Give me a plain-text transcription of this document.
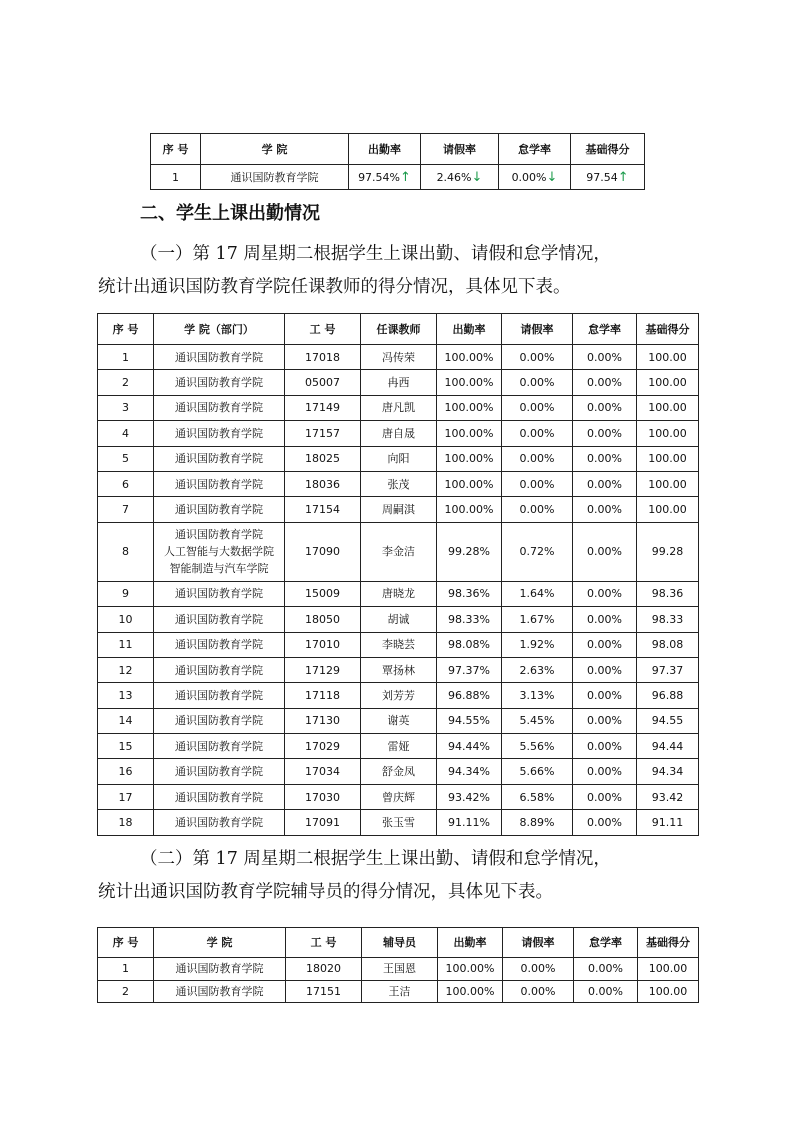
序 号	学 院	出勤率	请假率	怠学率	基础得分
1	通识国防教育学院	97.54%↑	2.46%↓	0.00%↓	97.54↑
二、学生上课出勤情况

（一）第 17 周星期二根据学生上课出勤、请假和怠学情况，
统计出通识国防教育学院任课教师的得分情况，具体见下表。

序 号	学 院（部门）	工 号	任课教师	出勤率	请假率	怠学率	基础得分
1	通识国防教育学院	17018	冯传荣	100.00%	0.00%	0.00%	100.00
2	通识国防教育学院	05007	冉西	100.00%	0.00%	0.00%	100.00
3	通识国防教育学院	17149	唐凡凯	100.00%	0.00%	0.00%	100.00
4	通识国防教育学院	17157	唐自晟	100.00%	0.00%	0.00%	100.00
5	通识国防教育学院	18025	向阳	100.00%	0.00%	0.00%	100.00
6	通识国防教育学院	18036	张茂	100.00%	0.00%	0.00%	100.00
7	通识国防教育学院	17154	周嗣淇	100.00%	0.00%	0.00%	100.00
8	通识国防教育学院
人工智能与大数据学院
智能制造与汽车学院	17090	李金洁	99.28%	0.72%	0.00%	99.28
9	通识国防教育学院	15009	唐晓龙	98.36%	1.64%	0.00%	98.36
10	通识国防教育学院	18050	胡诚	98.33%	1.67%	0.00%	98.33
11	通识国防教育学院	17010	李晓芸	98.08%	1.92%	0.00%	98.08
12	通识国防教育学院	17129	覃扬林	97.37%	2.63%	0.00%	97.37
13	通识国防教育学院	17118	刘芳芳	96.88%	3.13%	0.00%	96.88
14	通识国防教育学院	17130	谢英	94.55%	5.45%	0.00%	94.55
15	通识国防教育学院	17029	雷娅	94.44%	5.56%	0.00%	94.44
16	通识国防教育学院	17034	舒金凤	94.34%	5.66%	0.00%	94.34
17	通识国防教育学院	17030	曾庆辉	93.42%	6.58%	0.00%	93.42
18	通识国防教育学院	17091	张玉雪	91.11%	8.89%	0.00%	91.11

（二）第 17 周星期二根据学生上课出勤、请假和怠学情况，
统计出通识国防教育学院辅导员的得分情况，具体见下表。

序 号	学 院	工 号	辅导员	出勤率	请假率	怠学率	基础得分
1	通识国防教育学院	18020	王国恩	100.00%	0.00%	0.00%	100.00
2	通识国防教育学院	17151	王洁	100.00%	0.00%	0.00%	100.00
